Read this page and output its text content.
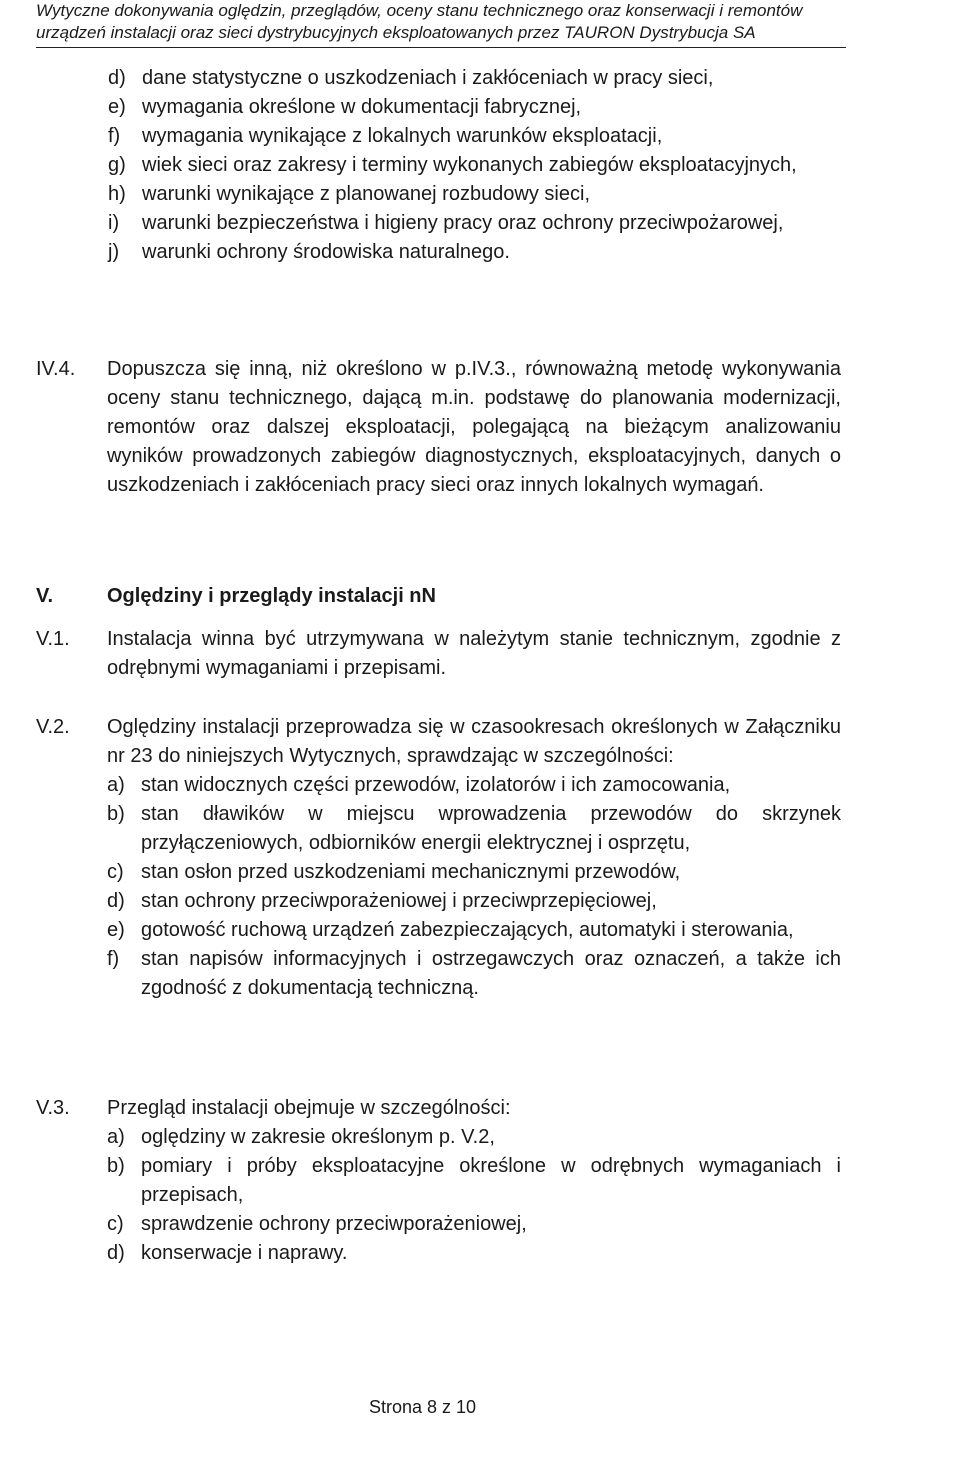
Wytyczne dokonywania oględzin, przeglądów, oceny stanu technicznego oraz konserwacji i remontów
urządzeń instalacji oraz sieci dystrybucyjnych eksploatowanych przez TAURON Dystrybucja SA
d) dane statystyczne o uszkodzeniach i zakłóceniach w pracy sieci,
e) wymagania określone w dokumentacji fabrycznej,
f)	wymagania wynikające z lokalnych warunków eksploatacji,
g) wiek sieci oraz zakresy i terminy wykonanych zabiegów eksploatacyjnych,
h) warunki wynikające z planowanej rozbudowy sieci,
i)	warunki bezpieczeństwa i higieny pracy oraz ochrony przeciwpożarowej,
j)	warunki ochrony środowiska naturalnego.
IV.4. Dopuszcza się inną, niż określono w p.IV.3., równoważną metodę wykonywania oceny stanu technicznego, dającą m.in. podstawę do planowania modernizacji, remontów oraz dalszej eksploatacji, polegającą na bieżącym analizowaniu wyników prowadzonych zabiegów diagnostycznych, eksploatacyjnych, danych o uszkodzeniach i zakłóceniach pracy sieci oraz innych lokalnych wymagań.
V.	Oględziny i przeglądy instalacji nN
V.1. Instalacja winna być utrzymywana w należytym stanie technicznym, zgodnie z odrębnymi wymaganiami i przepisami.
V.2. Oględziny instalacji przeprowadza się w czasookresach określonych w Załączniku nr 23 do niniejszych Wytycznych, sprawdzając w szczególności:
a) stan widocznych części przewodów, izolatorów i ich zamocowania,
b) stan dławików w miejscu wprowadzenia przewodów do skrzynek przyłączeniowych, odbiorników energii elektrycznej i osprzętu,
c) stan osłon przed uszkodzeniami mechanicznymi przewodów,
d) stan ochrony przeciwporażeniowej i przeciwprzepięciowej,
e) gotowość ruchową urządzeń zabezpieczających, automatyki i sterowania,
f)	stan napisów informacyjnych i ostrzegawczych oraz oznaczeń, a także ich zgodność z dokumentacją techniczną.
V.3. Przegląd instalacji obejmuje w szczególności:
a) oględziny w zakresie określonym p. V.2,
b) pomiary i próby eksploatacyjne określone w odrębnych wymaganiach i przepisach,
c) sprawdzenie ochrony przeciwporażeniowej,
d) konserwacje i naprawy.
Strona 8 z 10
